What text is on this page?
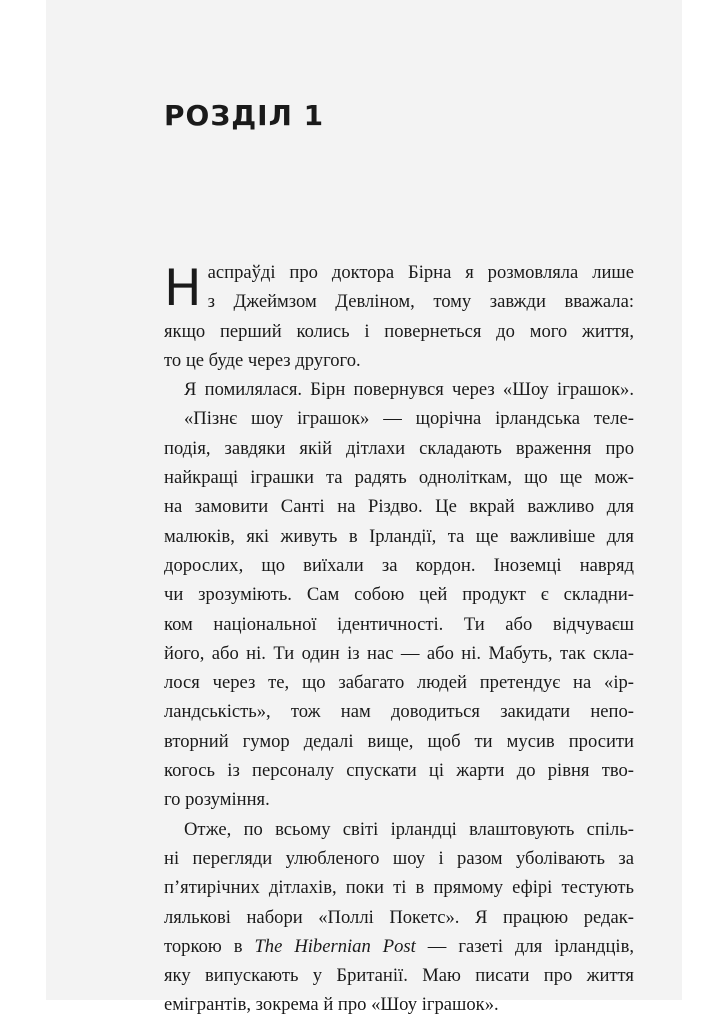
РОЗДІЛ 1
Н аспраўді про доктора Бірна я розмовляла лише
з Джеймзом Девліном, тому завжди вважала:
якщо перший колись і повернеться до мого життя,
то це буде через другого.
Я помилялася. Бірн повернувся через «Шоу іграшок».
«Пізнє шоу іграшок» — щорічна ірландська теле-
подія, завдяки якій дітлахи складають враження про
найкращі іграшки та радять одноліткам, що ще мож-
на замовити Санті на Різдво. Це вкрай важливо для
малюків, які живуть в Ірландії, та ще важливіше для
дорослих, що виїхали за кордон. Іноземці навряд
чи зрозуміють. Сам собою цей продукт є складни-
ком національної ідентичності. Ти або відчуваєш
його, або ні. Ти один із нас — або ні. Мабуть, так скла-
лося через те, що забагато людей претендує на «ір-
ландськість», тож нам доводиться закидати непо-
вторний гумор дедалі вище, щоб ти мусив просити
когось із персоналу спускати ці жарти до рівня тво-
го розуміння.
Отже, по всьому світі ірландці влаштовують спіль-
ні перегляди улюбленого шоу і разом уболівають за
п’ятирічних дітлахів, поки ті в прямому ефірі тестують
лялькові набори «Поллі Покетс». Я працюю редак-
торкою в The Hibernian Post — газеті для ірландців,
яку випускають у Британії. Маю писати про життя
емігрантів, зокрема й про «Шоу іграшок».
